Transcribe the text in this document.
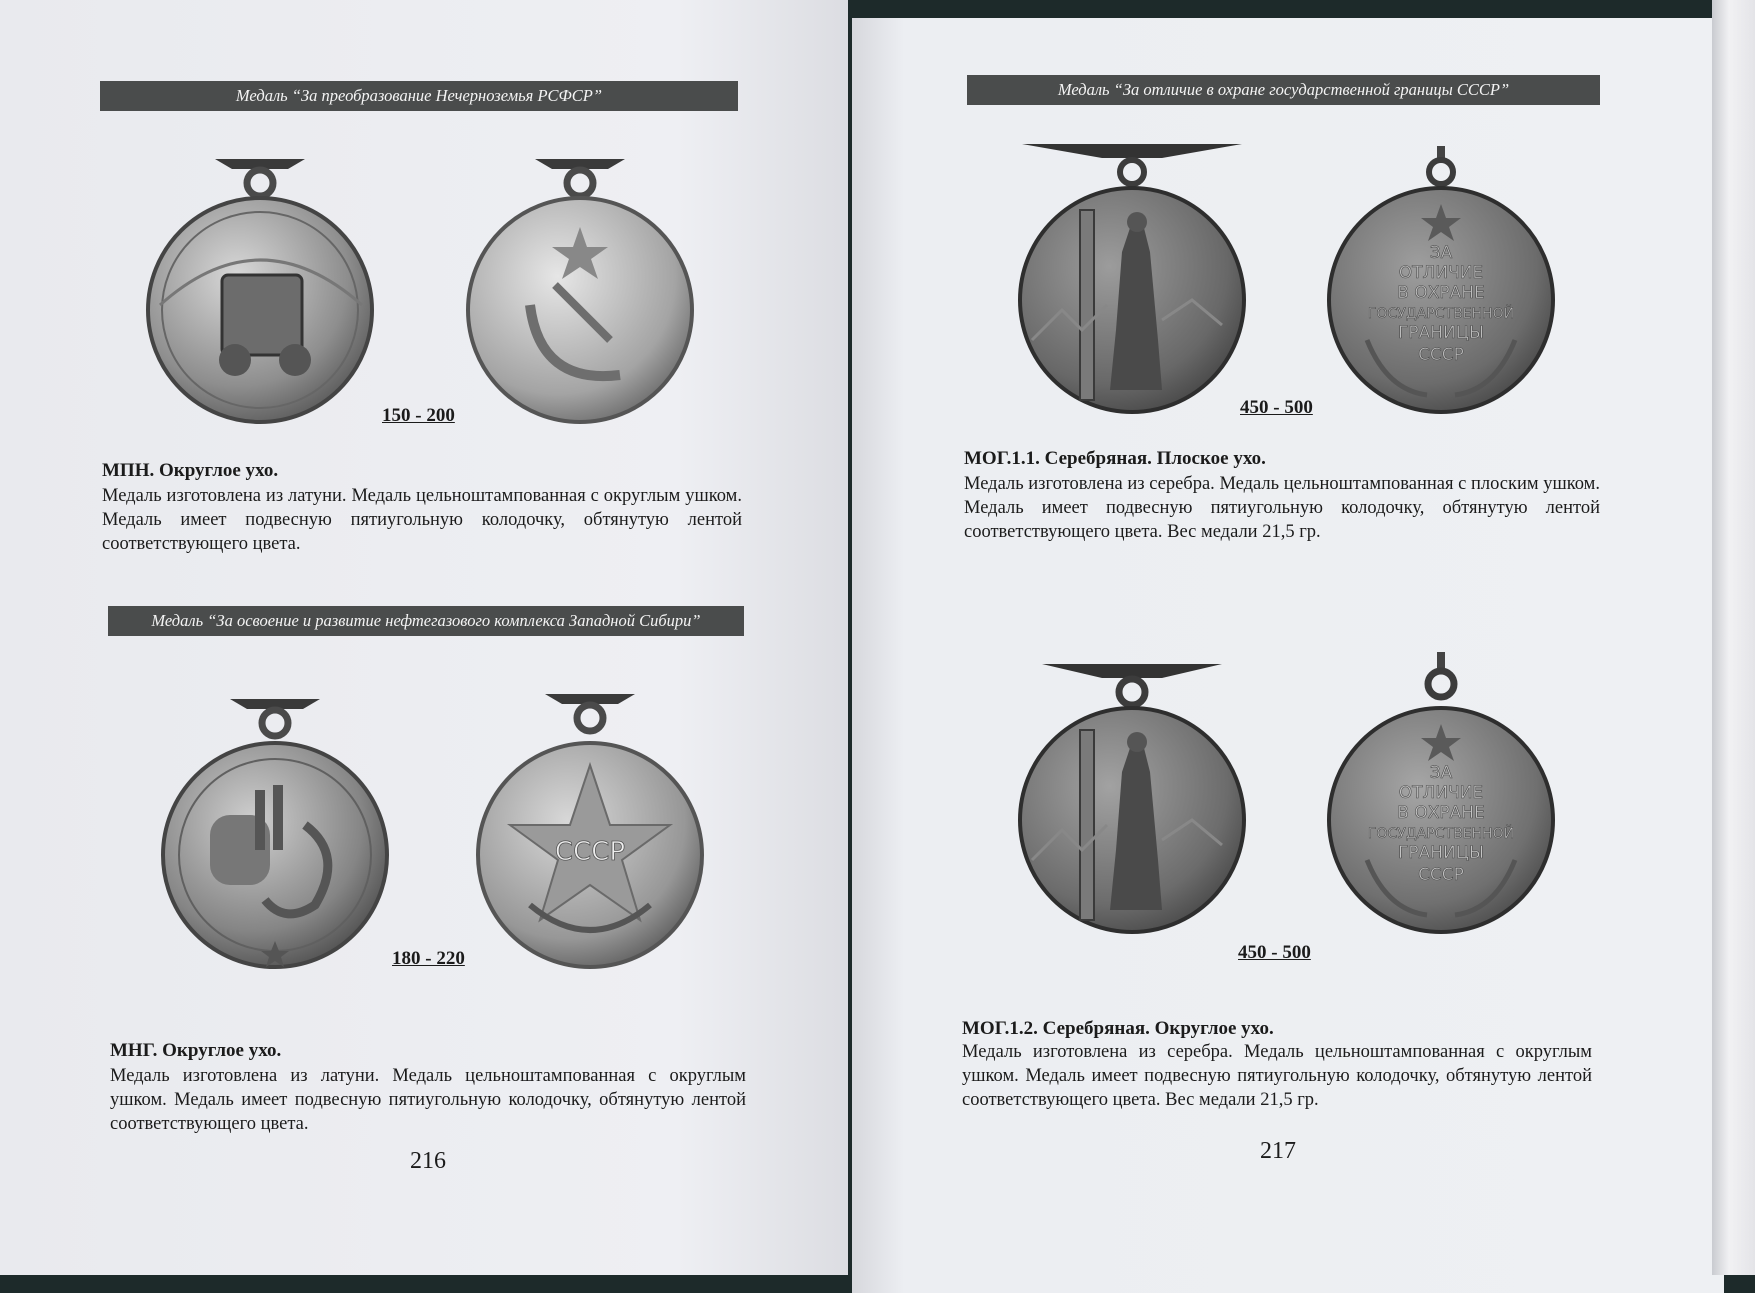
Медаль “За преобразование Нечерноземья РСФСР”
150 - 200
МПН. Округлое ухо.
Медаль изготовлена из латуни. Медаль цельноштампованная с округлым ушком. Медаль имеет подвесную пятиугольную колодочку, обтянутую лентой соответствующего цвета.
Медаль “За освоение и развитие нефтегазового комплекса Западной Сибири”
СССР
180 - 220
МНГ. Округлое ухо.
Медаль изготовлена из латуни. Медаль цельноштампованная с округлым ушком. Медаль имеет подвесную пятиугольную колодочку, обтянутую лентой соответствующего цвета.
216
Медаль “За отличие в охране государственной границы СССР”
ЗА
ОТЛИЧИЕ
В ОХРАНЕ
ГОСУДАРСТВЕННОЙ
ГРАНИЦЫ
СССР
450 - 500
МОГ.1.1. Серебряная. Плоское ухо.
Медаль изготовлена из серебра. Медаль цельноштампованная с плоским ушком. Медаль имеет подвесную пятиугольную колодочку, обтянутую лентой соответствующего цвета. Вес медали 21,5 гр.
ЗА
ОТЛИЧИЕ
В ОХРАНЕ
ГОСУДАРСТВЕННОЙ
ГРАНИЦЫ
СССР
450 - 500
МОГ.1.2. Серебряная. Округлое ухо.
Медаль изготовлена из серебра. Медаль цельноштампованная с округлым ушком. Медаль имеет подвесную пятиугольную колодочку, обтянутую лентой соответствующего цвета. Вес медали 21,5 гр.
217
